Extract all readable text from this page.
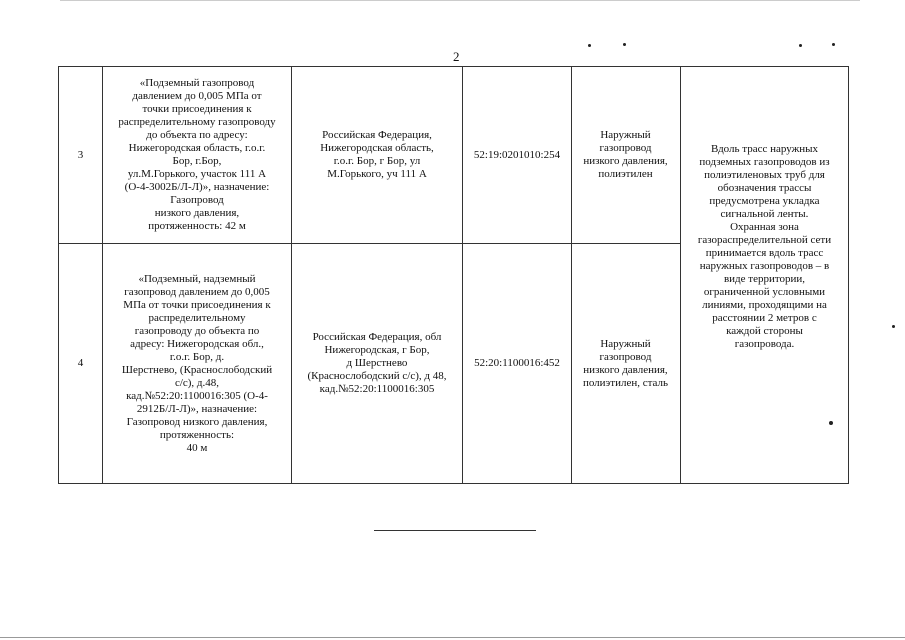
2
3
«Подземный газопровод
давлением до 0,005 МПа от
точки присоединения к
распределительному газопроводу
до объекта по адресу:
Нижегородская область, г.о.г.
Бор, г.Бор,
ул.М.Горького, участок 111 А
(О-4-3002Б/Л-Л)», назначение:
Газопровод
низкого давления,
протяженность: 42 м
Российская Федерация,
Нижегородская область,
г.о.г. Бор, г Бор, ул
М.Горького, уч 111 А
52:19:0201010:254
Наружный
газопровод
низкого давления,
полиэтилен
4
«Подземный, надземный
газопровод давлением до 0,005
МПа от точки присоединения к
распределительному
газопроводу до объекта по
адресу: Нижегородская обл.,
г.о.г. Бор, д.
Шерстнево, (Краснослободский
с/с), д.48,
кад.№52:20:1100016:305 (О-4-
2912Б/Л-Л)», назначение:
Газопровод низкого давления,
протяженность:
40 м
Российская Федерация, обл
Нижегородская, г Бор,
д Шерстнево
(Краснослободский с/с), д 48,
кад.№52:20:1100016:305
52:20:1100016:452
Наружный
газопровод
низкого давления,
полиэтилен, сталь
Вдоль трасс наружных
подземных газопроводов из
полиэтиленовых труб для
обозначения трассы
предусмотрена укладка
сигнальной ленты.
Охранная зона
газораспределительной сети
принимается вдоль трасс
наружных газопроводов – в
виде территории,
ограниченной условными
линиями, проходящими на
расстоянии 2 метров с
каждой стороны
газопровода.
